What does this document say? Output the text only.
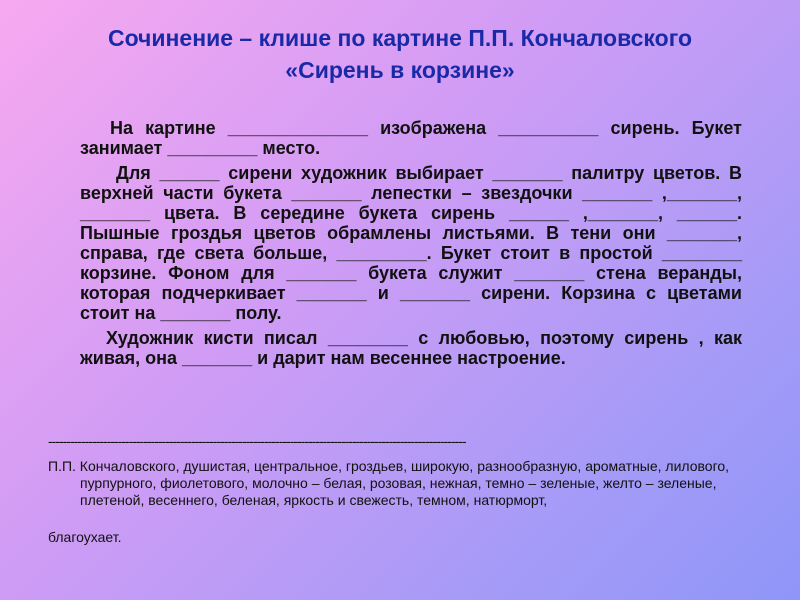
Сочинение – клише по картине П.П. Кончаловского
«Сирень в корзине»

На картине ______________ изображена __________ сирень. Букет занимает _________ место.

Для ______ сирени художник выбирает _______ палитру цветов. В верхней части букета _______ лепестки – звездочки _______ ,_______, _______ цвета. В середине букета сирень ______ ,_______, ______. Пышные гроздья цветов обрамлены листьями. В тени они _______, справа, где света больше, _________. Букет стоит в простой ________ корзине. Фоном для _______ букета служит _______ стена веранды, которая подчеркивает _______ и _______ сирени. Корзина с цветами стоит на _______ полу.

Художник кисти писал ________ с любовью, поэтому сирень , как живая, она _______ и дарит нам весеннее настроение.

------------------------------------------------------------------------------------------------------------------
П.П. Кончаловского, душистая, центральное, гроздьев, широкую, разнообразную, ароматные, лилового, пурпурного, фиолетового, молочно – белая, розовая, нежная, темно – зеленые, желто – зеленые, плетеной, весеннего, беленая, яркость и свежесть, темном, натюрморт,
благоухает.
